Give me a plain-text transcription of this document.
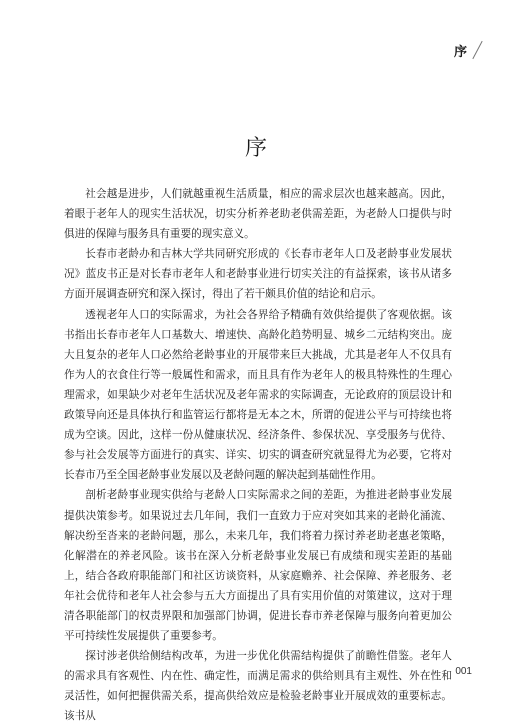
序
序

社会越是进步，人们就越重视生活质量，相应的需求层次也越来越高。因此，着眼于老年人的现实生活状况，切实分析养老助老供需差距，为老龄人口提供与时俱进的保障与服务具有重要的现实意义。

长春市老龄办和吉林大学共同研究形成的《长春市老年人口及老龄事业发展状况》蓝皮书正是对长春市老年人和老龄事业进行切实关注的有益探索，该书从诸多方面开展调查研究和深入探讨，得出了若干颇具价值的结论和启示。

透视老年人口的实际需求，为社会各界给予精确有效供给提供了客观依据。该书指出长春市老年人口基数大、增速快、高龄化趋势明显、城乡二元结构突出。庞大且复杂的老年人口必然给老龄事业的开展带来巨大挑战，尤其是老年人不仅具有作为人的衣食住行等一般属性和需求，而且具有作为老年人的极具特殊性的生理心理需求，如果缺少对老年生活状况及老年需求的实际调查，无论政府的顶层设计和政策导向还是具体执行和监管运行都将是无本之木，所谓的促进公平与可持续也将成为空谈。因此，这样一份从健康状况、经济条件、参保状况、享受服务与优待、参与社会发展等方面进行的真实、详实、切实的调查研究就显得尤为必要，它将对长春市乃至全国老龄事业发展以及老龄问题的解决起到基础性作用。

剖析老龄事业现实供给与老龄人口实际需求之间的差距，为推进老龄事业发展提供决策参考。如果说过去几年间，我们一直致力于应对突如其来的老龄化涌流、解决纷至沓来的老龄问题，那么，未来几年，我们将着力探讨养老助老惠老策略，化解潜在的养老风险。该书在深入分析老龄事业发展已有成绩和现实差距的基础上，结合各政府职能部门和社区访谈资料，从家庭赡养、社会保障、养老服务、老年社会优待和老年人社会参与五大方面提出了具有实用价值的对策建议，这对于理清各职能部门的权责界限和加强部门协调，促进长春市养老保障与服务向着更加公平可持续性发展提供了重要参考。

探讨涉老供给侧结构改革，为进一步优化供需结构提供了前瞻性借鉴。老年人的需求具有客观性、内在性、确定性，而满足需求的供给则具有主观性、外在性和灵活性，如何把握供需关系，提高供给效应是检验老龄事业开展成效的重要标志。该书从

001
